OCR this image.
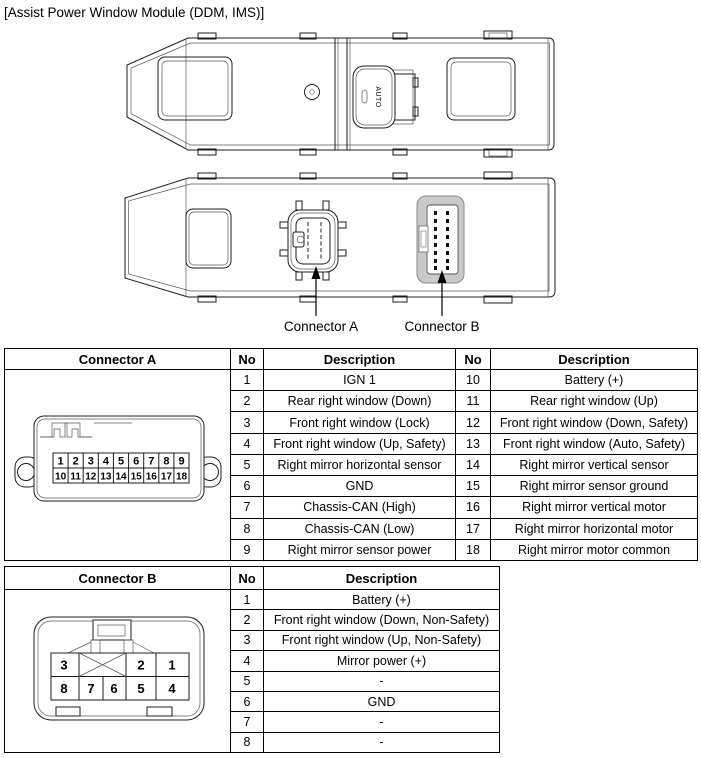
[Assist Power Window Module (DDM, IMS)]
AUTO
Connector A	Connector B
Connector A	No	Description	No	Description

1 2 3 4 5 6 7 8 9
10 11 12 13 14 15 16 17 18
	1	IGN 1	10	Battery (+)
	2	Rear right window (Down)	11	Rear right window (Up)
	3	Front right window (Lock)	12	Front right window (Down, Safety)
	4	Front right window (Up, Safety)	13	Front right window (Auto, Safety)
	5	Right mirror horizontal sensor	14	Right mirror vertical sensor
	6	GND	15	Right mirror sensor ground
	7	Chassis-CAN (High)	16	Right mirror vertical motor
	8	Chassis-CAN (Low)	17	Right mirror horizontal motor
	9	Right mirror sensor power	18	Right mirror motor common
Connector B	No	Description

3	2 1
8 7 6 5 4
	1	Battery (+)
	2	Front right window (Down, Non-Safety)
	3	Front right window (Up, Non-Safety)
	4	Mirror power (+)
	5	-
	6	GND
	7	-
	8	-
